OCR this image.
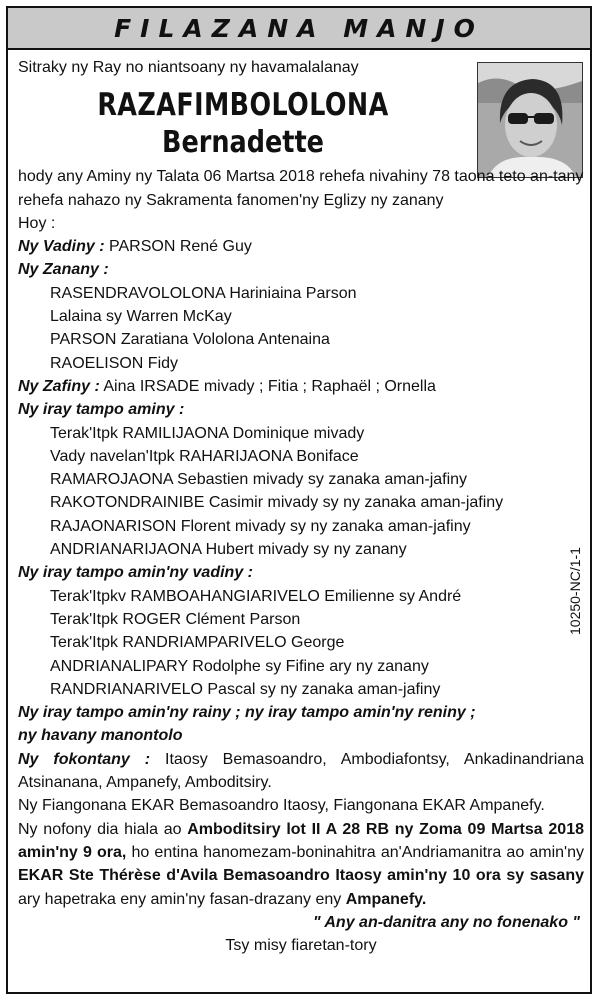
FILAZANA MANJO
Sitraky ny Ray no niantsoany ny havamalalanay
RAZAFIMBOLOLONA
Bernadette
hody any Aminy ny Talata 06 Martsa 2018 rehefa nivahiny 78 taona teto an-tany
rehefa nahazo ny Sakramenta fanomen'ny Eglizy ny zanany
Hoy :
Ny Vadiny : PARSON René Guy
Ny Zanany :
RASENDRAVOLOLONA Hariniaina Parson
Lalaina sy Warren McKay
PARSON Zaratiana Vololona Antenaina
RAOELISON Fidy
Ny Zafiny : Aina IRSADE mivady ; Fitia ; Raphaël ; Ornella
Ny iray tampo aminy :
Terak'Itpk RAMILIJAONA Dominique mivady
Vady navelan'Itpk RAHARIJAONA Boniface
RAMAROJAONA Sebastien mivady sy zanaka aman-jafiny
RAKOTONDRAINIBE Casimir mivady sy ny zanaka aman-jafiny
RAJAONARISON Florent mivady sy ny zanaka aman-jafiny
ANDRIANARIJAONA Hubert mivady sy ny zanany
Ny iray tampo amin'ny vadiny :
Terak'Itpkv RAMBOAHANGIARIVELO Emilienne sy André
Terak'Itpk ROGER Clément Parson
Terak'Itpk RANDRIAMPARIVELO George
ANDRIANALIPARY Rodolphe sy Fifine ary ny zanany
RANDRIANARIVELO Pascal sy ny zanaka aman-jafiny
Ny iray tampo amin'ny rainy ; ny iray tampo amin'ny reniny ;
ny havany manontolo
Ny fokontany : Itaosy Bemasoandro, Ambodiafontsy, Ankadinandriana Atsinanana, Ampanefy, Amboditsiry.
Ny Fiangonana EKAR Bemasoandro Itaosy, Fiangonana EKAR Ampanefy.
Ny nofony dia hiala ao Amboditsiry lot II A 28 RB ny Zoma 09 Martsa 2018 amin'ny 9 ora, ho entina hanomezam-boninahitra an'Andriamanitra ao amin'ny EKAR Ste Thérèse d'Avila Bemasoandro Itaosy amin'ny 10 ora sy sasany ary hapetraka eny amin'ny fasan-drazany eny Ampanefy.
" Any an-danitra any no fonenako "
Tsy misy fiaretan-tory
10250-NC/1-1
